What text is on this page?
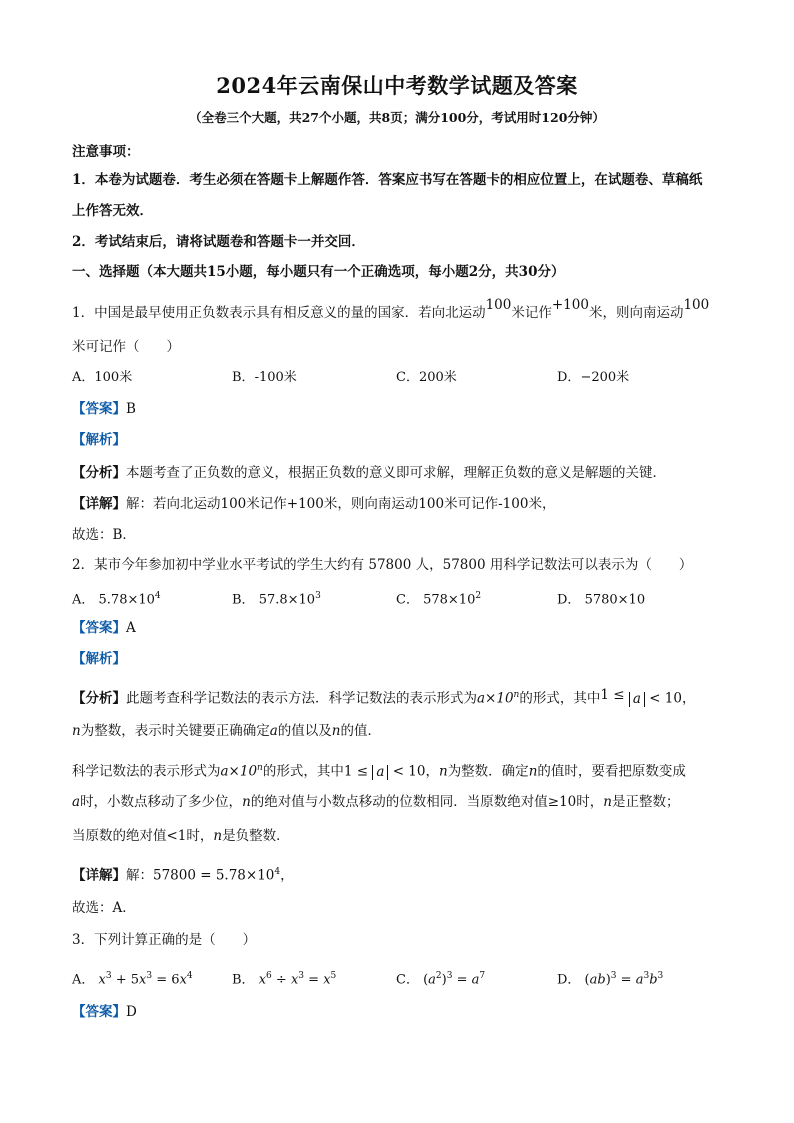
2024年云南保山中考数学试题及答案
（全卷三个大题，共27个小题，共8页；满分100分，考试用时120分钟）
注意事项：
1．本卷为试题卷．考生必须在答题卡上解题作答．答案应书写在答题卡的相应位置上，在试题卷、草稿纸
上作答无效．
2．考试结束后，请将试题卷和答题卡一并交回．
一、选择题（本大题共15小题，每小题只有一个正确选项，每小题2分，共30分）
1．中国是最早使用正负数表示具有相反意义的量的国家．若向北运动100米记作+100米，则向南运动100
米可记作（　　）
A．100米	B．-100米	C．200米	D．−200米
【答案】B
【解析】
【分析】本题考查了正负数的意义，根据正负数的意义即可求解，理解正负数的意义是解题的关键．
【详解】解：若向北运动100米记作+100米，则向南运动100米可记作-100米，
故选：B．
2．某市今年参加初中学业水平考试的学生大约有 57800 人，57800 用科学记数法可以表示为（　　）
A． $5.78\times 10^4$	B． $57.8\times 10^3$	C． $578\times 10^2$	D． 5780×10
【答案】A
【解析】
【分析】此题考查科学记数法的表示方法．科学记数法的表示形式为$a\times 10^n$的形式，其中1 ≤ a < 10，
n为整数，表示时关键要正确确定a的值以及n的值．
科学记数法的表示形式为$a\times 10^n$的形式，其中1 ≤ a < 10，n为整数．确定n的值时，要看把原数变成
a时，小数点移动了多少位，n的绝对值与小数点移动的位数相同．当原数绝对值≥10时，n是正整数；
当原数的绝对值<1时，n是负整数．
【详解】解：$57800 = 5.78\times 10^4$，
故选：A．
3．下列计算正确的是（　　）
A． $x^3 + 5x^3 = 6x^4$	B． $x^6 \div x^3 = x^5$	C． $(a^2)^3 = a^7$	D． $(ab)^3 = a^3b^3$
【答案】D
